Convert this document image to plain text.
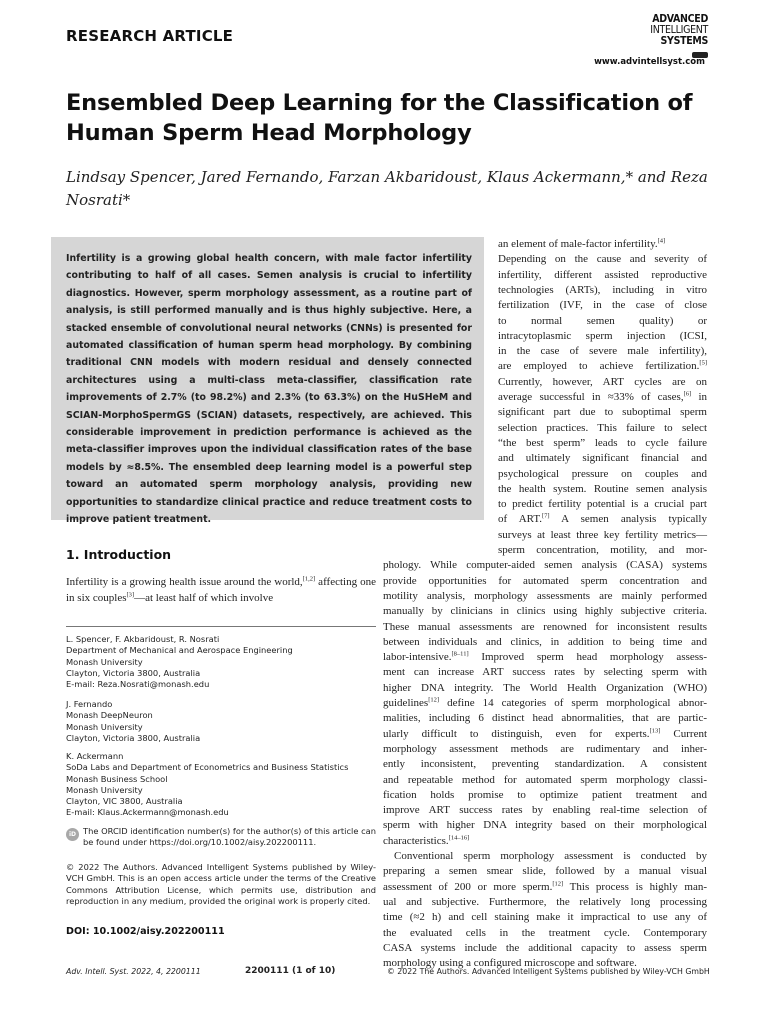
RESEARCH ARTICLE
ADVANCED
INTELLIGENT
SYSTEMS
www.advintellsyst.com
Ensembled Deep Learning for the Classification of Human Sperm Head Morphology
Lindsay Spencer, Jared Fernando, Farzan Akbaridoust, Klaus Ackermann,* and Reza Nosrati*

Infertility is a growing global health concern, with male factor infertility contributing to half of all cases. Semen analysis is crucial to infertility diagnostics. However, sperm morphology assessment, as a routine part of analysis, is still performed manually and is thus highly subjective. Here, a stacked ensemble of convolutional neural networks (CNNs) is presented for automated classification of human sperm head morphology. By combining traditional CNN models with modern residual and densely connected architectures using a multi-class meta-classifier, classification rate improvements of 2.7% (to 98.2%) and 2.3% (to 63.3%) on the HuSHeM and SCIAN-MorphoSpermGS (SCIAN) datasets, respectively, are achieved. This considerable improvement in prediction performance is achieved as the meta-classifier improves upon the individual classification rates of the base models by ≈8.5%. The ensembled deep learning model is a powerful step toward an automated sperm morphology analysis, providing new opportunities to standardize clinical practice and reduce treatment costs to improve patient treatment.

1. Introduction

Infertility is a growing health issue around the world,[1,2] affecting one in six couples[3]—at least half of which involve

L. Spencer, F. Akbaridoust, R. Nosrati
Department of Mechanical and Aerospace Engineering
Monash University
Clayton, Victoria 3800, Australia
E-mail: Reza.Nosrati@monash.edu
J. Fernando
Monash DeepNeuron
Monash University
Clayton, Victoria 3800, Australia
K. Ackermann
SoDa Labs and Department of Econometrics and Business Statistics
Monash Business School
Monash University
Clayton, VIC 3800, Australia
E-mail: Klaus.Ackermann@monash.edu
iD The ORCID identification number(s) for the author(s) of this article can be found under https://doi.org/10.1002/aisy.202200111.
© 2022 The Authors. Advanced Intelligent Systems published by Wiley-VCH GmbH. This is an open access article under the terms of the Creative Commons Attribution License, which permits use, distribution and reproduction in any medium, provided the original work is properly cited.
DOI: 10.1002/aisy.202200111
an element of male-factor infertility.[4]
Depending on the cause and severity of
infertility, different assisted reproductive
technologies (ARTs), including in vitro
fertilization (IVF, in the case of close
to normal semen quality) or
intracytoplasmic sperm injection (ICSI,
in the case of severe male infertility),
are employed to achieve fertilization.[5]
Currently, however, ART cycles are on
average successful in ≈33% of cases,[6] in
significant part due to suboptimal sperm
selection practices. This failure to select
“the best sperm” leads to cycle failure
and ultimately significant financial and
psychological pressure on couples and
the health system. Routine semen analysis
to predict fertility potential is a crucial part
of ART.[7] A semen analysis typically
surveys at least three key fertility metrics—
sperm concentration, motility, and mor-
phology. While computer-aided semen analysis (CASA) systems
provide opportunities for automated sperm concentration and
motility analysis, morphology assessments are mainly performed
manually by clinicians in clinics using highly subjective criteria.
These manual assessments are renowned for inconsistent results
between individuals and clinics, in addition to being time and
labor-intensive.[8–11] Improved sperm head morphology assess-
ment can increase ART success rates by selecting sperm with
higher DNA integrity. The World Health Organization (WHO)
guidelines[12] define 14 categories of sperm morphological abnor-
malities, including 6 distinct head abnormalities, that are partic-
ularly difficult to distinguish, even for experts.[13] Current
morphology assessment methods are rudimentary and inher-
ently inconsistent, preventing standardization. A consistent
and repeatable method for automated sperm morphology classi-
fication holds promise to optimize patient treatment and
improve ART success rates by enabling real-time selection of
sperm with higher DNA integrity based on their morphological
characteristics.[14–16]
Conventional sperm morphology assessment is conducted by
preparing a semen smear slide, followed by a manual visual
assessment of 200 or more sperm.[12] This process is highly man-
ual and subjective. Furthermore, the relatively long processing
time (≈2 h) and cell staining make it impractical to use any of
the evaluated cells in the treatment cycle. Contemporary
CASA systems include the additional capacity to assess sperm
morphology using a configured microscope and software.
Adv. Intell. Syst. 2022, 4, 2200111	2200111 (1 of 10)	© 2022 The Authors. Advanced Intelligent Systems published by Wiley-VCH GmbH
